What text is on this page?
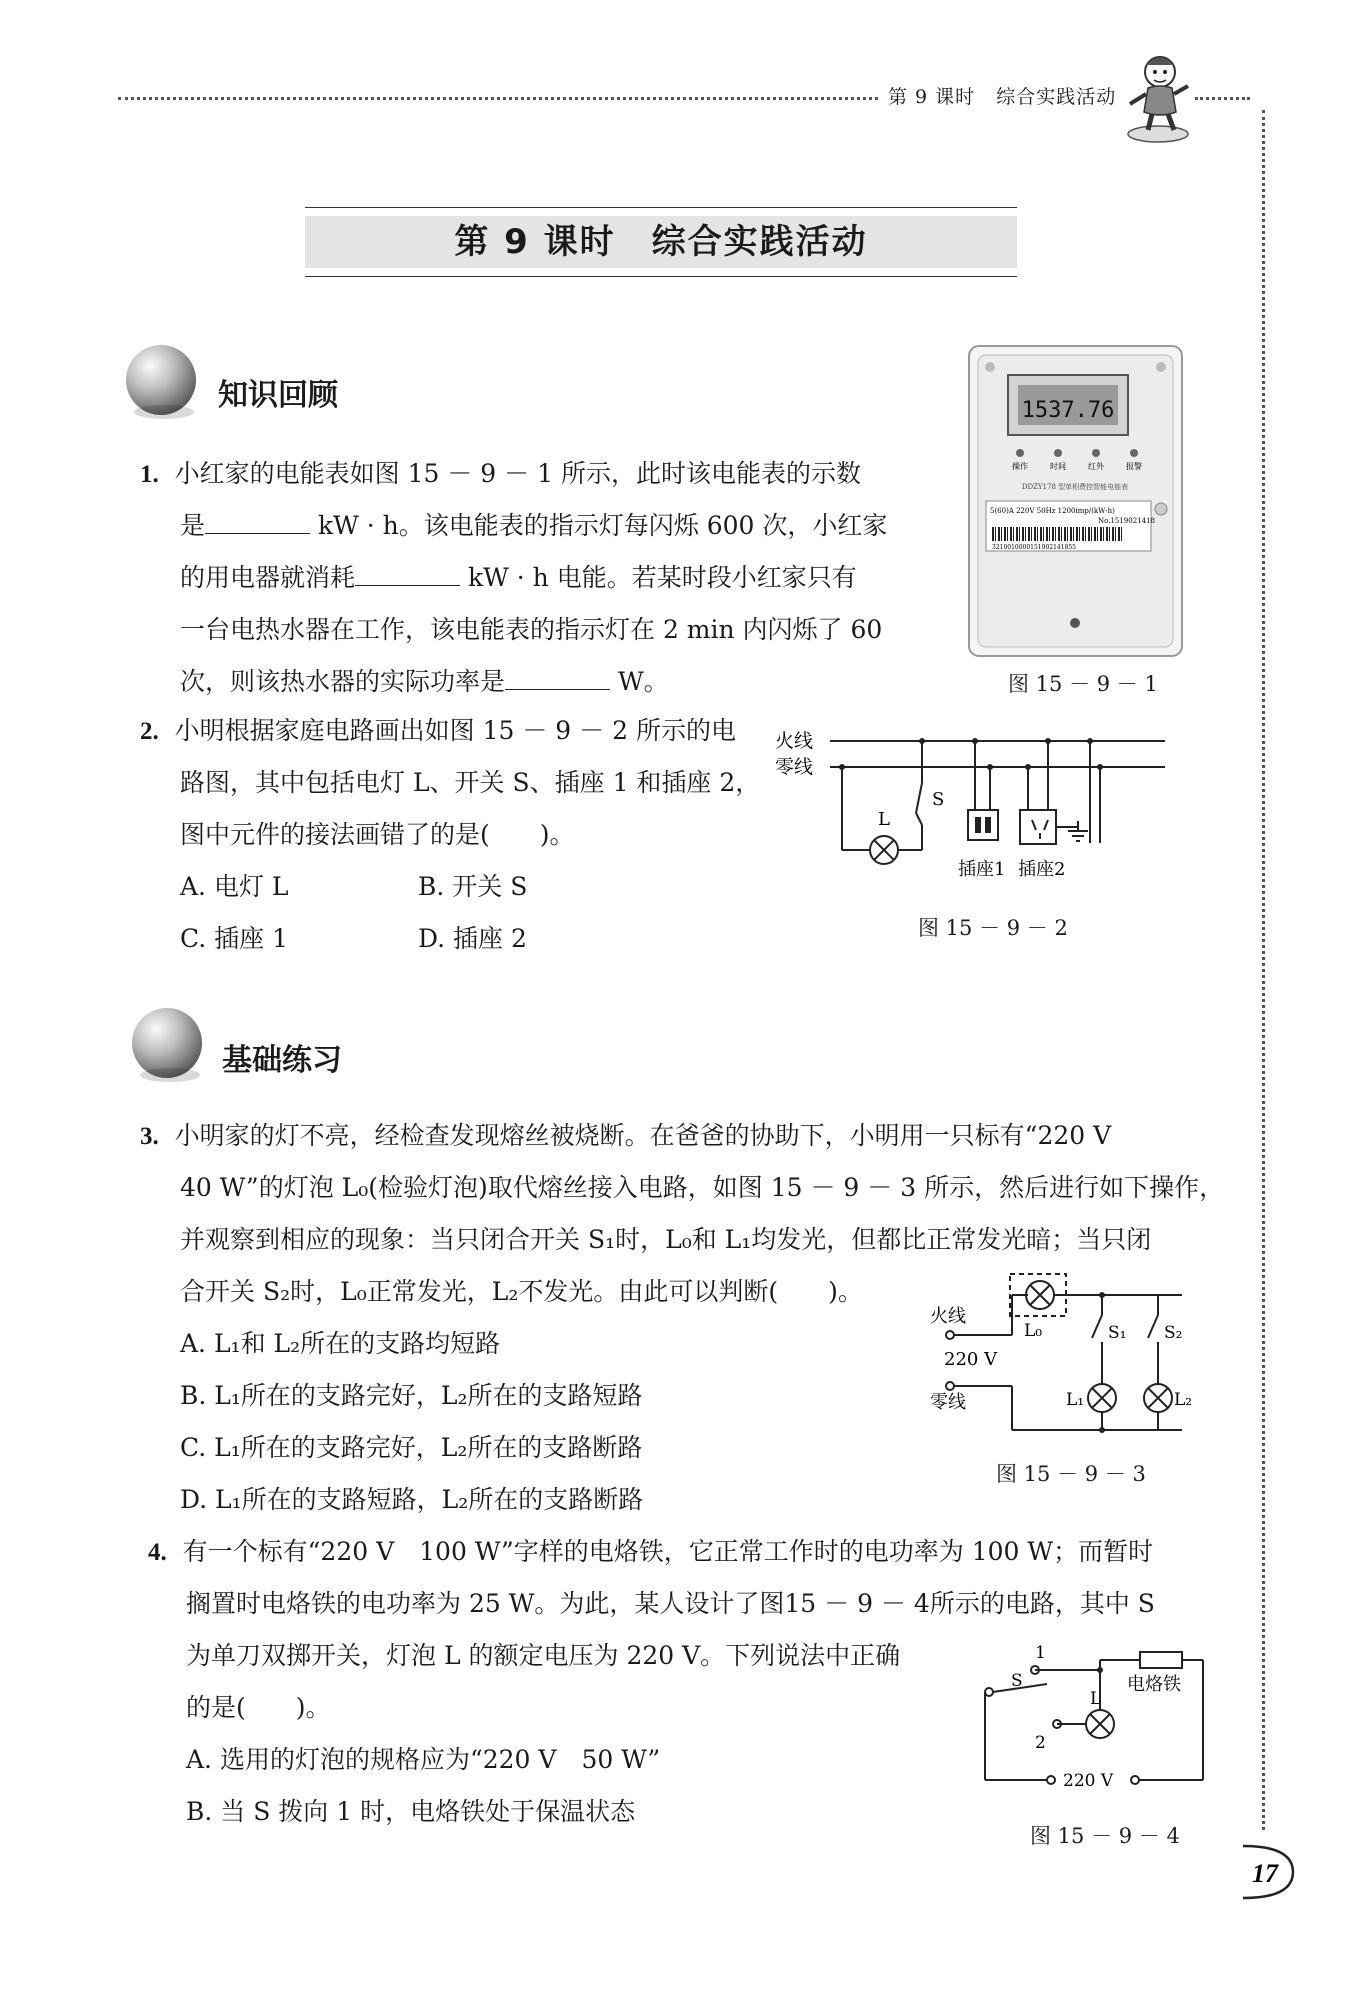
第 9 课时 综合实践活动
第 9 课时　综合实践活动
知识回顾
1. 小红家的电能表如图 15 － 9 － 1 所示，此时该电能表的示数
是	kW · h。该电能表的指示灯每闪烁 600 次，小红家
的用电器就消耗	kW · h 电能。若某时段小红家只有
一台电热水器在工作，该电能表的指示灯在 2 min 内闪烁了 60
次，则该热水器的实际功率是	W。
1537.76
操作	时间	红外	报警
DDZY178 型单相费控智能电能表
5(60)A 220V 50Hz 1200imp/(kW·h)
No.1519021418
3210010000151902141855
图 15 － 9 － 1
2. 小明根据家庭电路画出如图 15 － 9 － 2 所示的电
路图，其中包括电灯 L、开关 S、插座 1 和插座 2，
图中元件的接法画错了的是(　　)。
A. 电灯 L	B. 开关 S
C. 插座 1	D. 插座 2
火线
零线
L
S
插座1 插座2
图 15 － 9 － 2
基础练习
3. 小明家的灯不亮，经检查发现熔丝被烧断。在爸爸的协助下，小明用一只标有“220 V
40 W”的灯泡 L₀(检验灯泡)取代熔丝接入电路，如图 15 － 9 － 3 所示，然后进行如下操作，
并观察到相应的现象：当只闭合开关 S₁时，L₀和 L₁均发光，但都比正常发光暗；当只闭
合开关 S₂时，L₀正常发光，L₂不发光。由此可以判断(　　)。
A. L₁和 L₂所在的支路均短路
B. L₁所在的支路完好，L₂所在的支路短路
C. L₁所在的支路完好，L₂所在的支路断路
D. L₁所在的支路短路，L₂所在的支路断路
火线
220 V
零线
L₀	S₁ S₂
L₁	L₂
图 15 － 9 － 3
4. 有一个标有“220 V　100 W”字样的电烙铁，它正常工作时的电功率为 100 W；而暂时
搁置时电烙铁的电功率为 25 W。为此，某人设计了图15 － 9 － 4所示的电路，其中 S
为单刀双掷开关，灯泡 L 的额定电压为 220 V。下列说法中正确
的是(　　)。
A. 选用的灯泡的规格应为“220 V　50 W”
B. 当 S 拨向 1 时，电烙铁处于保温状态
1
2
S
L
电烙铁
220 V
图 15 － 9 － 4
17
